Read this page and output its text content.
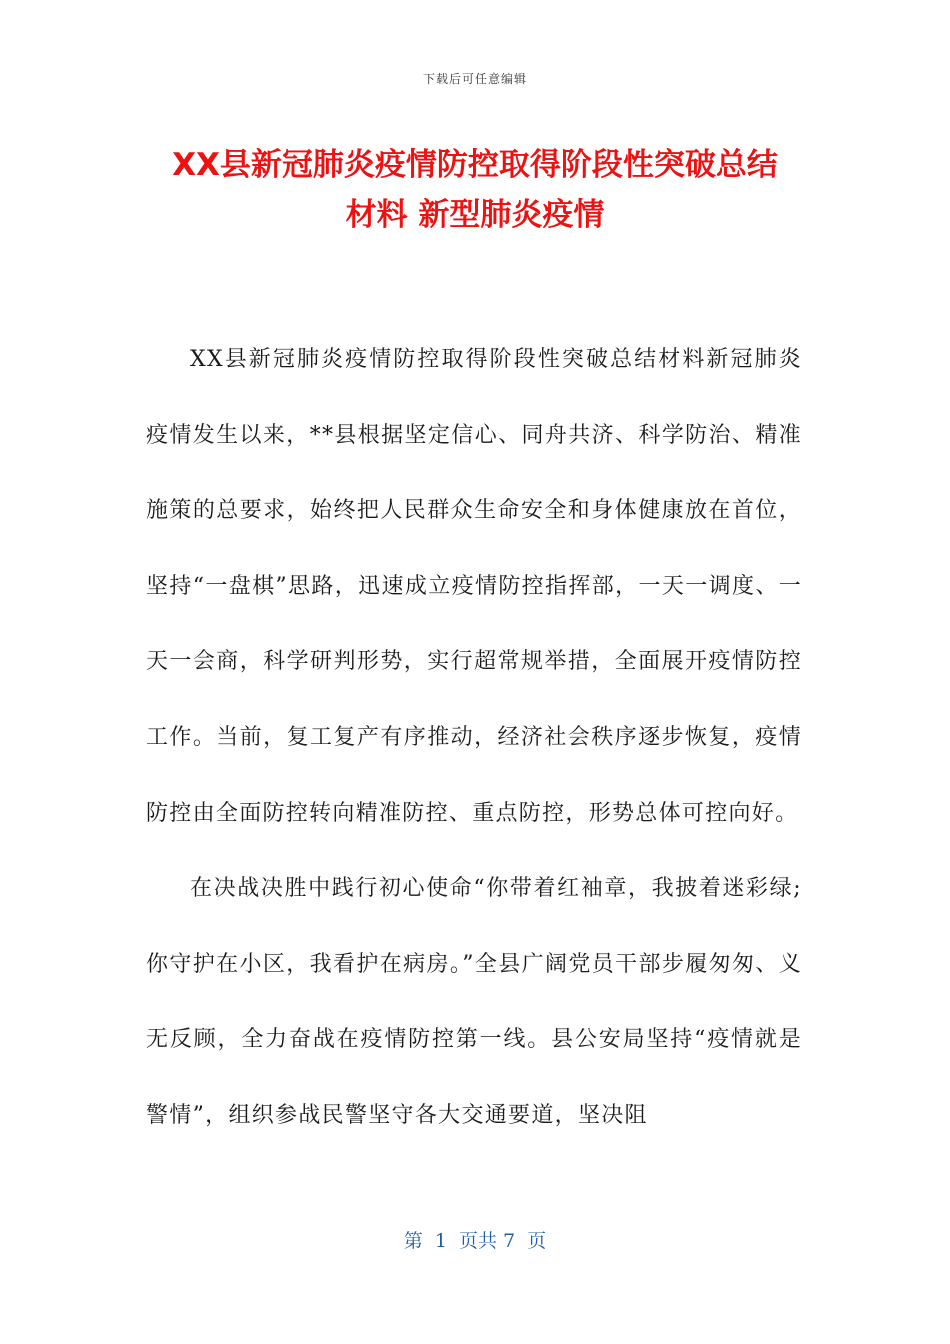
下载后可任意编辑
XX县新冠肺炎疫情防控取得阶段性突破总结
材料 新型肺炎疫情

XX县新冠肺炎疫情防控取得阶段性突破总结材料新冠肺炎疫情发生以来，**县根据坚定信心、同舟共济、科学防治、精准施策的总要求，始终把人民群众生命安全和身体健康放在首位，坚持“一盘棋”思路，迅速成立疫情防控指挥部，一天一调度、一天一会商，科学研判形势，实行超常规举措，全面展开疫情防控工作。当前，复工复产有序推动，经济社会秩序逐步恢复，疫情防控由全面防控转向精准防控、重点防控，形势总体可控向好。

在决战决胜中践行初心使命“你带着红袖章，我披着迷彩绿;你守护在小区，我看护在病房。”全县广阔党员干部步履匆匆、义无反顾，全力奋战在疫情防控第一线。县公安局坚持“疫情就是警情”，组织参战民警坚守各大交通要道，坚决阻

第  1  页共 7  页
